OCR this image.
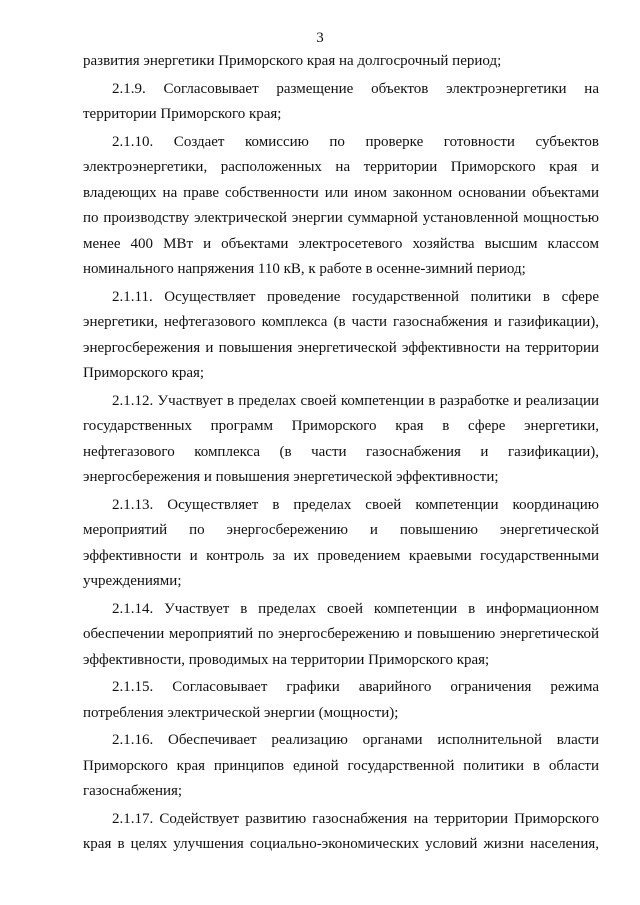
3
развития энергетики Приморского края на долгосрочный период;
2.1.9. Согласовывает размещение объектов электроэнергетики на
территории Приморского края;
2.1.10. Создает комиссию по проверке готовности субъектов
электроэнергетики, расположенных на территории Приморского края и
владеющих на праве собственности или ином законном основании объектами
по производству электрической энергии суммарной установленной мощностью
менее 400 МВт и объектами электросетевого хозяйства высшим классом
номинального напряжения 110 кВ, к работе в осенне-зимний период;
2.1.11. Осуществляет проведение государственной политики в сфере
энергетики, нефтегазового комплекса (в части газоснабжения и газификации),
энергосбережения и повышения энергетической эффективности на территории
Приморского края;
2.1.12. Участвует в пределах своей компетенции в разработке и реализации
государственных программ Приморского края в сфере энергетики,
нефтегазового комплекса (в части газоснабжения и газификации),
энергосбережения и повышения энергетической эффективности;
2.1.13. Осуществляет в пределах своей компетенции координацию
мероприятий по энергосбережению и повышению энергетической
эффективности и контроль за их проведением краевыми государственными
учреждениями;
2.1.14. Участвует в пределах своей компетенции в информационном
обеспечении мероприятий по энергосбережению и повышению энергетической
эффективности, проводимых на территории Приморского края;
2.1.15. Согласовывает графики аварийного ограничения режима
потребления электрической энергии (мощности);
2.1.16. Обеспечивает реализацию органами исполнительной власти
Приморского края принципов единой государственной политики в области
газоснабжения;
2.1.17. Содействует развитию газоснабжения на территории Приморского
края в целях улучшения социально-экономических условий жизни населения,
